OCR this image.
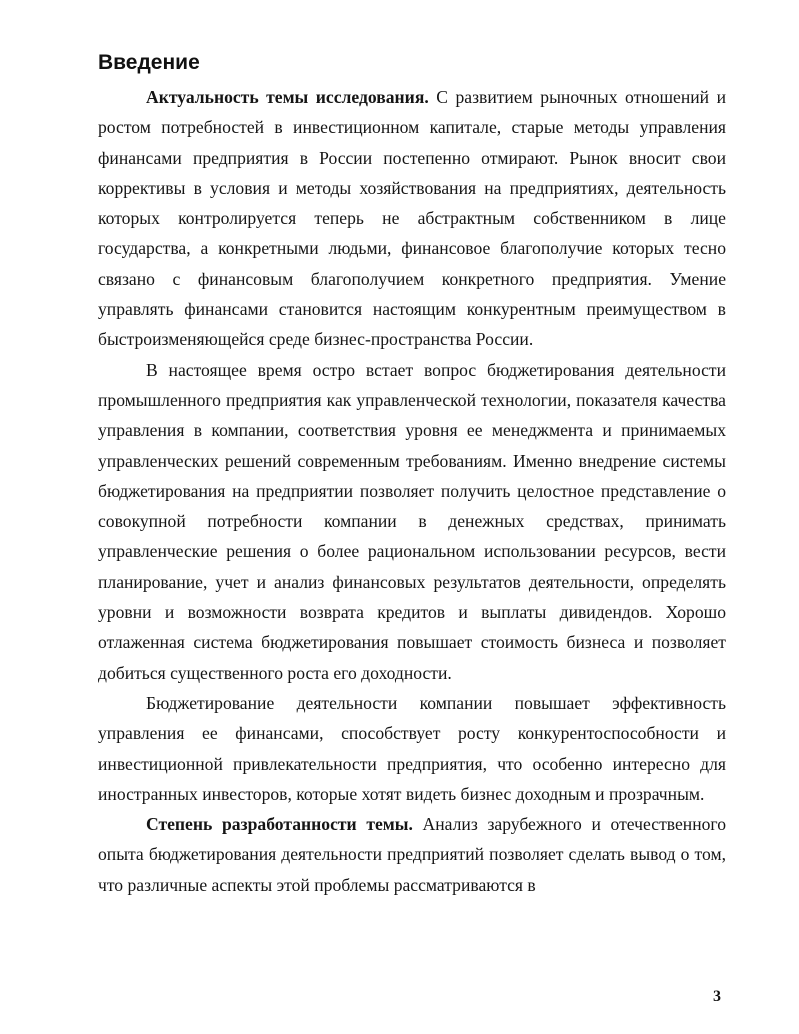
Введение

Актуальность темы исследования. С развитием рыночных отношений и ростом потребностей в инвестиционном капитале, старые методы управления финансами предприятия в России постепенно отмирают. Рынок вносит свои коррективы в условия и методы хозяйствования на предприятиях, деятельность которых контролируется теперь не абстрактным собственником в лице государства, а конкретными людьми, финансовое благополучие которых тесно связано с финансовым благополучием конкретного предприятия. Умение управлять финансами становится настоящим конкурентным преимуществом в быстроизменяющейся среде бизнес-пространства России.

В настоящее время остро встает вопрос бюджетирования деятельности промышленного предприятия как управленческой технологии, показателя качества управления в компании, соответствия уровня ее менеджмента и принимаемых управленческих решений современным требованиям. Именно внедрение системы бюджетирования на предприятии позволяет получить целостное представление о совокупной потребности компании в денежных средствах, принимать управленческие решения о более рациональном использовании ресурсов, вести планирование, учет и анализ финансовых результатов деятельности, определять уровни и возможности возврата кредитов и выплаты дивидендов. Хорошо отлаженная система бюджетирования повышает стоимость бизнеса и позволяет добиться существенного роста его доходности.

Бюджетирование деятельности компании повышает эффективность управления ее финансами, способствует росту конкурентоспособности и инвестиционной привлекательности предприятия, что особенно интересно для иностранных инвесторов, которые хотят видеть бизнес доходным и прозрачным.

Степень разработанности темы. Анализ зарубежного и отечественного опыта бюджетирования деятельности предприятий позволяет сделать вывод о том, что различные аспекты этой проблемы рассматриваются в

3
